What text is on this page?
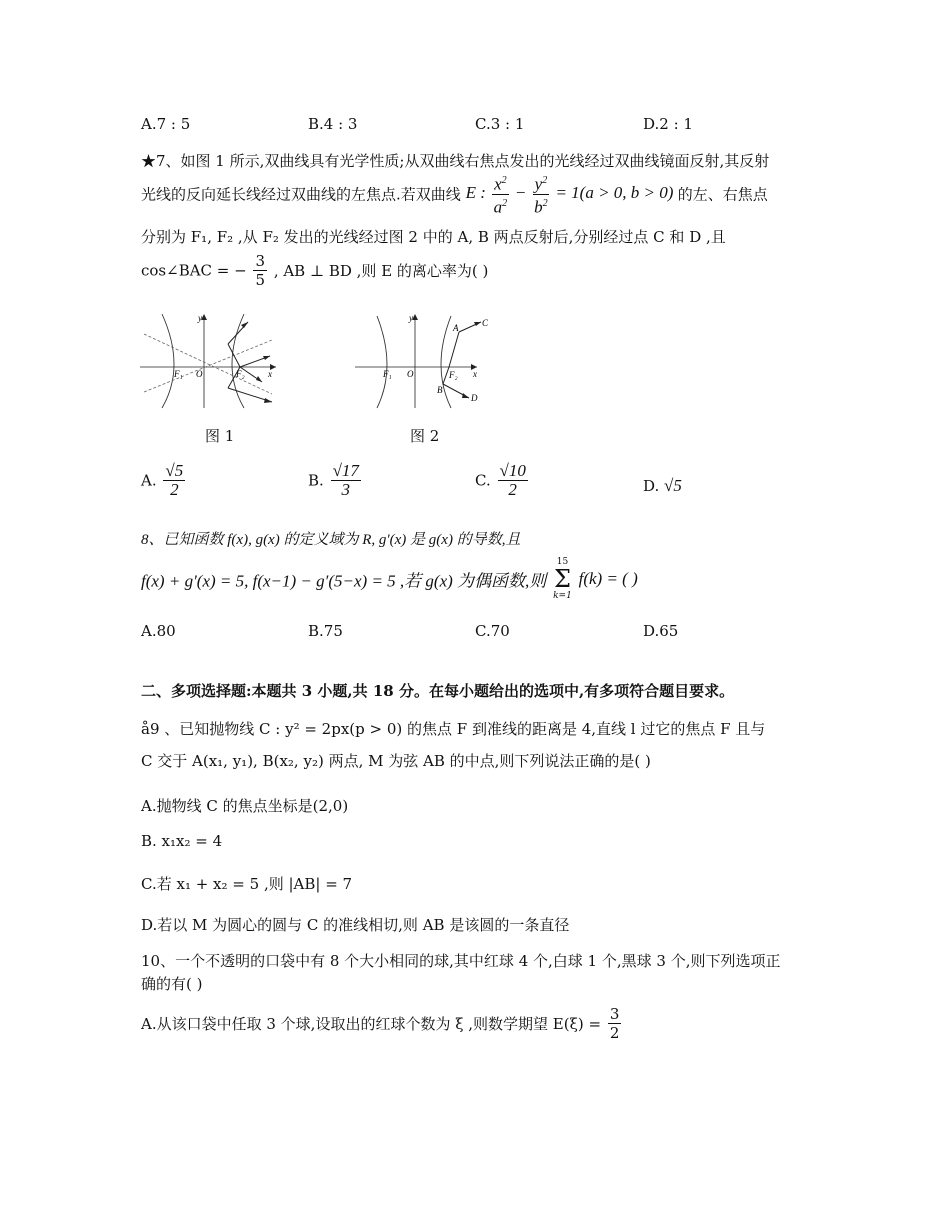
A.7 : 5	B.4 : 3	C.3 : 1	D.2 : 1
★7、如图 1 所示,双曲线具有光学性质;从双曲线右焦点发出的光线经过双曲线镜面反射,其反射
光线的反向延长线经过双曲线的左焦点.若双曲线 E : $\frac{x^2}{a^2} - \frac{y^2}{b^2} = 1(a > 0$, b > 0) 的左、右焦点
分别为 F₁, F₂ ,从 F₂ 发出的光线经过图 2 中的 A, B 两点反射后,分别经过点 C 和 D ,且
cos∠BAC = − $\frac{3}{5}$ , AB ⊥ BD ,则 E 的离心率为( )
y
x
O
F₁	F₂
y
x
O
F₁	F₂
A
B
C
D
图 1	图 2
A. $\frac{√5}{2}$	B. $\frac{√17}{3}$	C. $\frac{√10}{2}$	D. √5
8、已知函数 f(x), g(x) 的定义域为 R, g′(x) 是 g(x) 的导数,且
f(x) + g′(x) = 5, f(x−1) − g′(5−x) = 5 ,若 g(x) 为偶函数,则
15
Σ
k=1
f(k) = ( )
A.80	B.75	C.70	D.65
二、多项选择题:本题共 3 小题,共 18 分。在每小题给出的选项中,有多项符合题目要求。
å9 、已知抛物线 C : y² = 2px(p > 0) 的焦点 F 到准线的距离是 4,直线 l 过它的焦点 F 且与
C 交于 A(x₁, y₁), B(x₂, y₂) 两点, M 为弦 AB 的中点,则下列说法正确的是( )
A.抛物线 C 的焦点坐标是(2,0)
B. x₁x₂ = 4
C.若 x₁ + x₂ = 5 ,则 |AB| = 7
D.若以 M 为圆心的圆与 C 的准线相切,则 AB 是该圆的一条直径
10、一个不透明的口袋中有 8 个大小相同的球,其中红球 4 个,白球 1 个,黑球 3 个,则下列选项正
确的有( )
A.从该口袋中任取 3 个球,设取出的红球个数为 ξ ,则数学期望 $E(\xi) = \frac{3}{2}$
